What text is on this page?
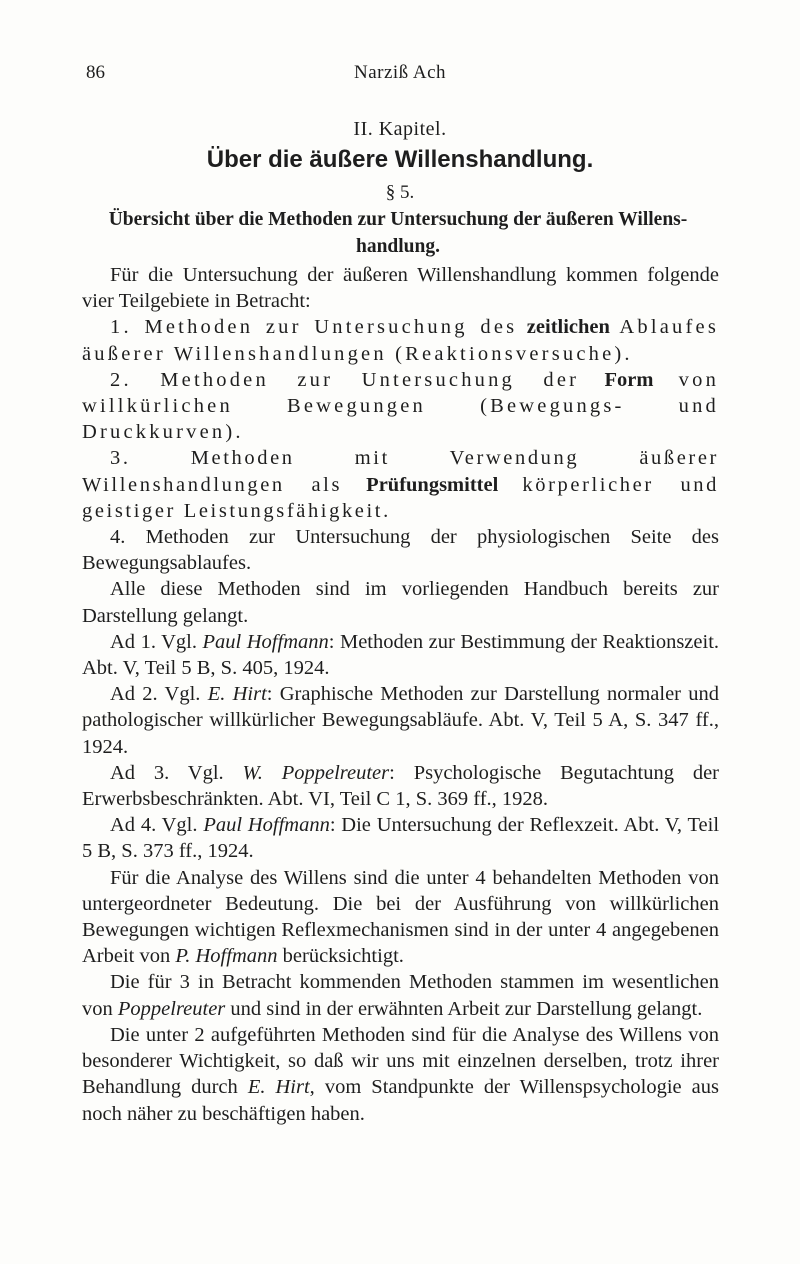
86	Narziß Ach
II. Kapitel.
Über die äußere Willenshandlung.
§ 5.
Übersicht über die Methoden zur Untersuchung der äußeren Willens-handlung.

Für die Untersuchung der äußeren Willenshandlung kommen folgende vier Teilgebiete in Betracht:

1. Methoden zur Untersuchung des zeitlichen Ablaufes äußerer Willenshandlungen (Reaktionsversuche).

2. Methoden zur Untersuchung der Form von willkürlichen Bewegungen (Bewegungs- und Druckkurven).

3. Methoden mit Verwendung äußerer Willenshandlungen als Prüfungsmittel körperlicher und geistiger Leistungsfähigkeit.

4. Methoden zur Untersuchung der physiologischen Seite des Bewegungsablaufes.

Alle diese Methoden sind im vorliegenden Handbuch bereits zur Darstellung gelangt.

Ad 1. Vgl. Paul Hoffmann: Methoden zur Bestimmung der Reaktionszeit. Abt. V, Teil 5 B, S. 405, 1924.

Ad 2. Vgl. E. Hirt: Graphische Methoden zur Darstellung normaler und pathologischer willkürlicher Bewegungsabläufe. Abt. V, Teil 5 A, S. 347 ff., 1924.

Ad 3. Vgl. W. Poppelreuter: Psychologische Begutachtung der Erwerbsbeschränkten. Abt. VI, Teil C 1, S. 369 ff., 1928.

Ad 4. Vgl. Paul Hoffmann: Die Untersuchung der Reflexzeit. Abt. V, Teil 5 B, S. 373 ff., 1924.

Für die Analyse des Willens sind die unter 4 behandelten Methoden von untergeordneter Bedeutung. Die bei der Ausführung von willkürlichen Bewegungen wichtigen Reflexmechanismen sind in der unter 4 angegebenen Arbeit von P. Hoffmann berücksichtigt.

Die für 3 in Betracht kommenden Methoden stammen im wesentlichen von Poppelreuter und sind in der erwähnten Arbeit zur Darstellung gelangt.

Die unter 2 aufgeführten Methoden sind für die Analyse des Willens von besonderer Wichtigkeit, so daß wir uns mit einzelnen derselben, trotz ihrer Behandlung durch E. Hirt, vom Standpunkte der Willenspsychologie aus noch näher zu beschäftigen haben.
